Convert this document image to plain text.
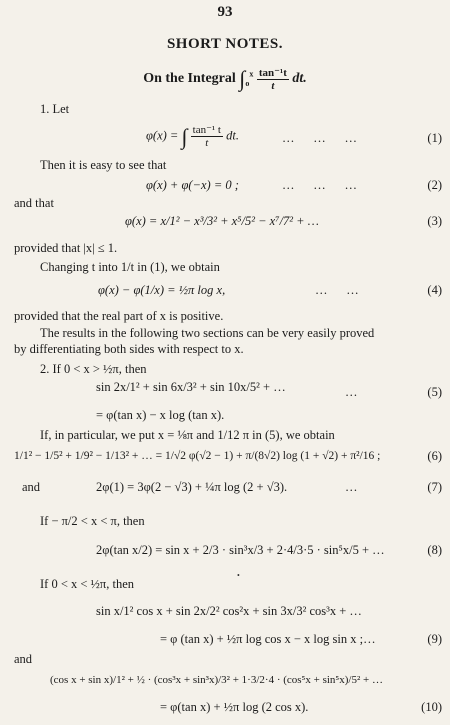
93
SHORT NOTES.
On the Integral $\int_o^x \frac{\text{tan⁻¹t}}{t}$ dt.
1. Let
φ(x) = ∫ $\frac{\text{tan⁻¹ t}}{t}$ dt.	…      …      …	(1)
Then it is easy to see that
φ(x) + φ(−x) = 0 ;	…      …      …	(2)
and that
φ(x) = x/1² − x³/3² + x⁵/5² − x⁷/7² + …	(3)
provided that |x| ≤ 1.
Changing t into 1/t in (1), we obtain
φ(x) − φ(1/x) = ½π log x,	…      …	(4)
provided that the real part of x is positive.
The results in the following two sections can be very easily proved
by differentiating both sides with respect to x.
2. If 0 < x > ½π, then
sin 2x/1² + sin 6x/3² + sin 10x/5² + …	…	(5)
= φ(tan x) − x log (tan x).
If, in particular, we put x = ⅛π and 1/12 π in (5), we obtain
1/1² − 1/5² + 1/9² − 1/13² + … = 1/√2 φ(√2 − 1) + π/(8√2) log (1 + √2) + π²/16 ;	(6)
and	2φ(1) = 3φ(2 − √3) + ¼π log (2 + √3).	…	(7)
If − π/2 < x < π, then
2φ(tan x/2) = sin x + 2/3 · sin³x/3 + 2·4/3·5 · sin⁵x/5 + …	(8)
•
If 0 < x < ½π, then
sin x/1² cos x + sin 2x/2² cos²x + sin 3x/3² cos³x + …
= φ (tan x) + ½π log cos x − x log sin x ;…	(9)
and
(cos x + sin x)/1² + ½ · (cos³x + sin³x)/3² + 1·3/2·4 · (cos⁵x + sin⁵x)/5² + …
= φ(tan x) + ½π log (2 cos x).	(10)
